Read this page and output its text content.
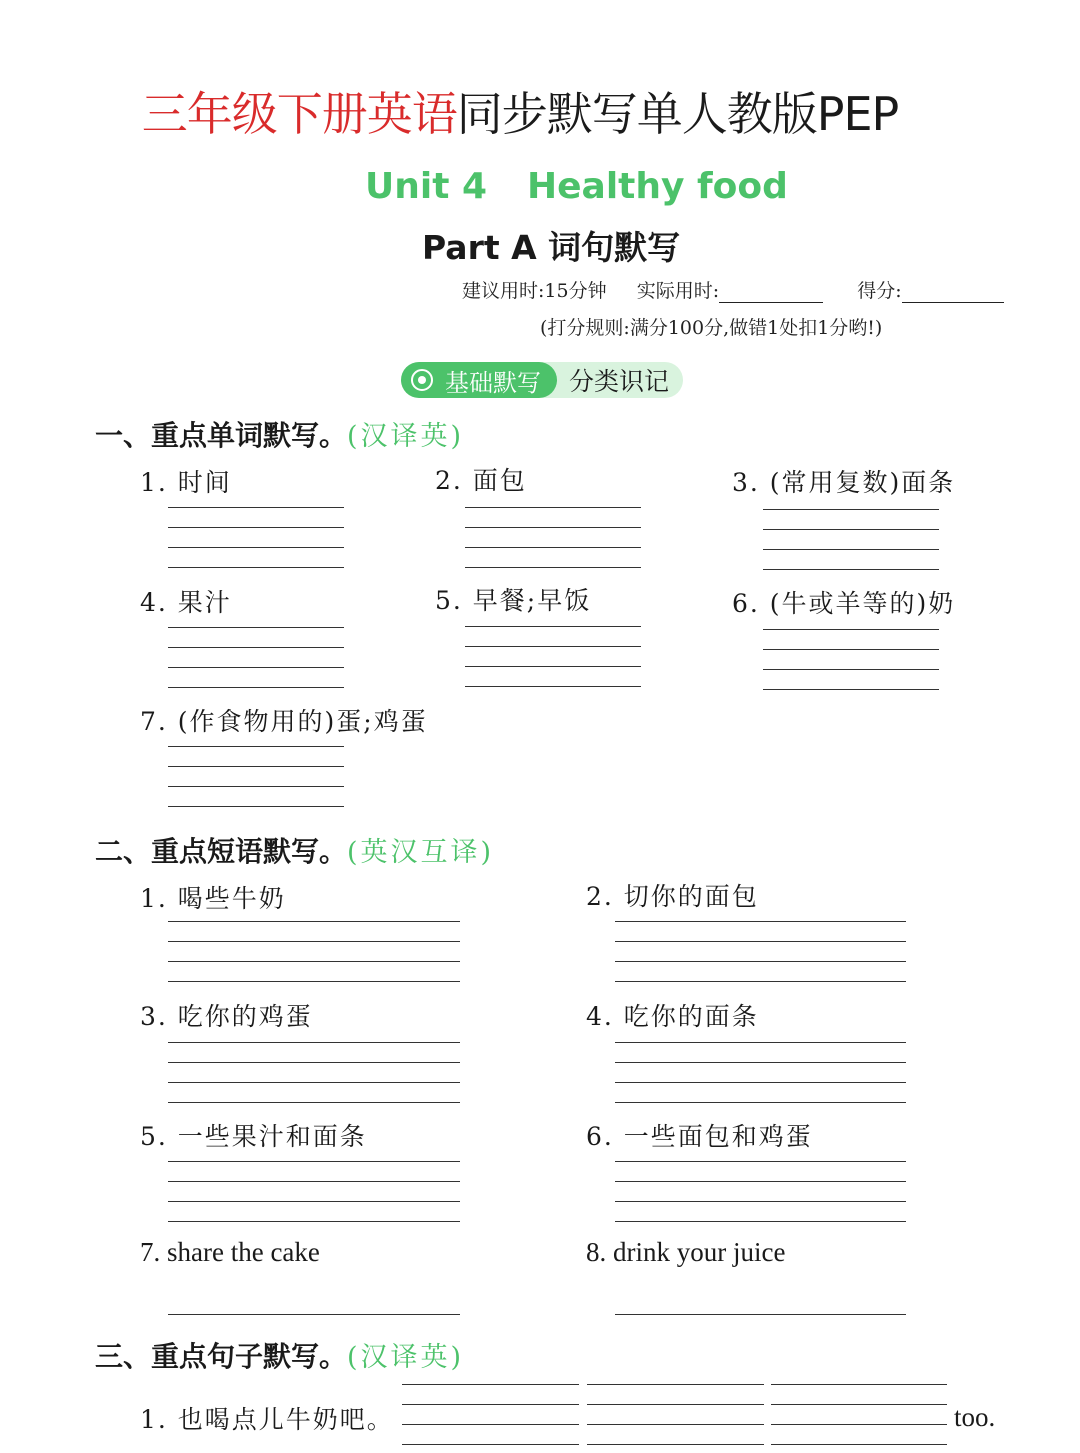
三年级下册英语同步默写单人教版PEP
Unit 4 Healthy food
Part A 词句默写
建议用时:15分钟 实际用时:	得分:
(打分规则:满分100分,做错1处扣1分哟!)
基础默写	分类识记
一、重点单词默写。(汉译英)
1. 时间	2. 面包	3. (常用复数)面条
4. 果汁	5. 早餐;早饭	6. (牛或羊等的)奶
7. (作食物用的)蛋;鸡蛋
二、重点短语默写。(英汉互译)
1. 喝些牛奶	2. 切你的面包
3. 吃你的鸡蛋	4. 吃你的面条
5. 一些果汁和面条	6. 一些面包和鸡蛋
7. share the cake	8. drink your juice
三、重点句子默写。(汉译英)
1. 也喝点儿牛奶吧。	too.
